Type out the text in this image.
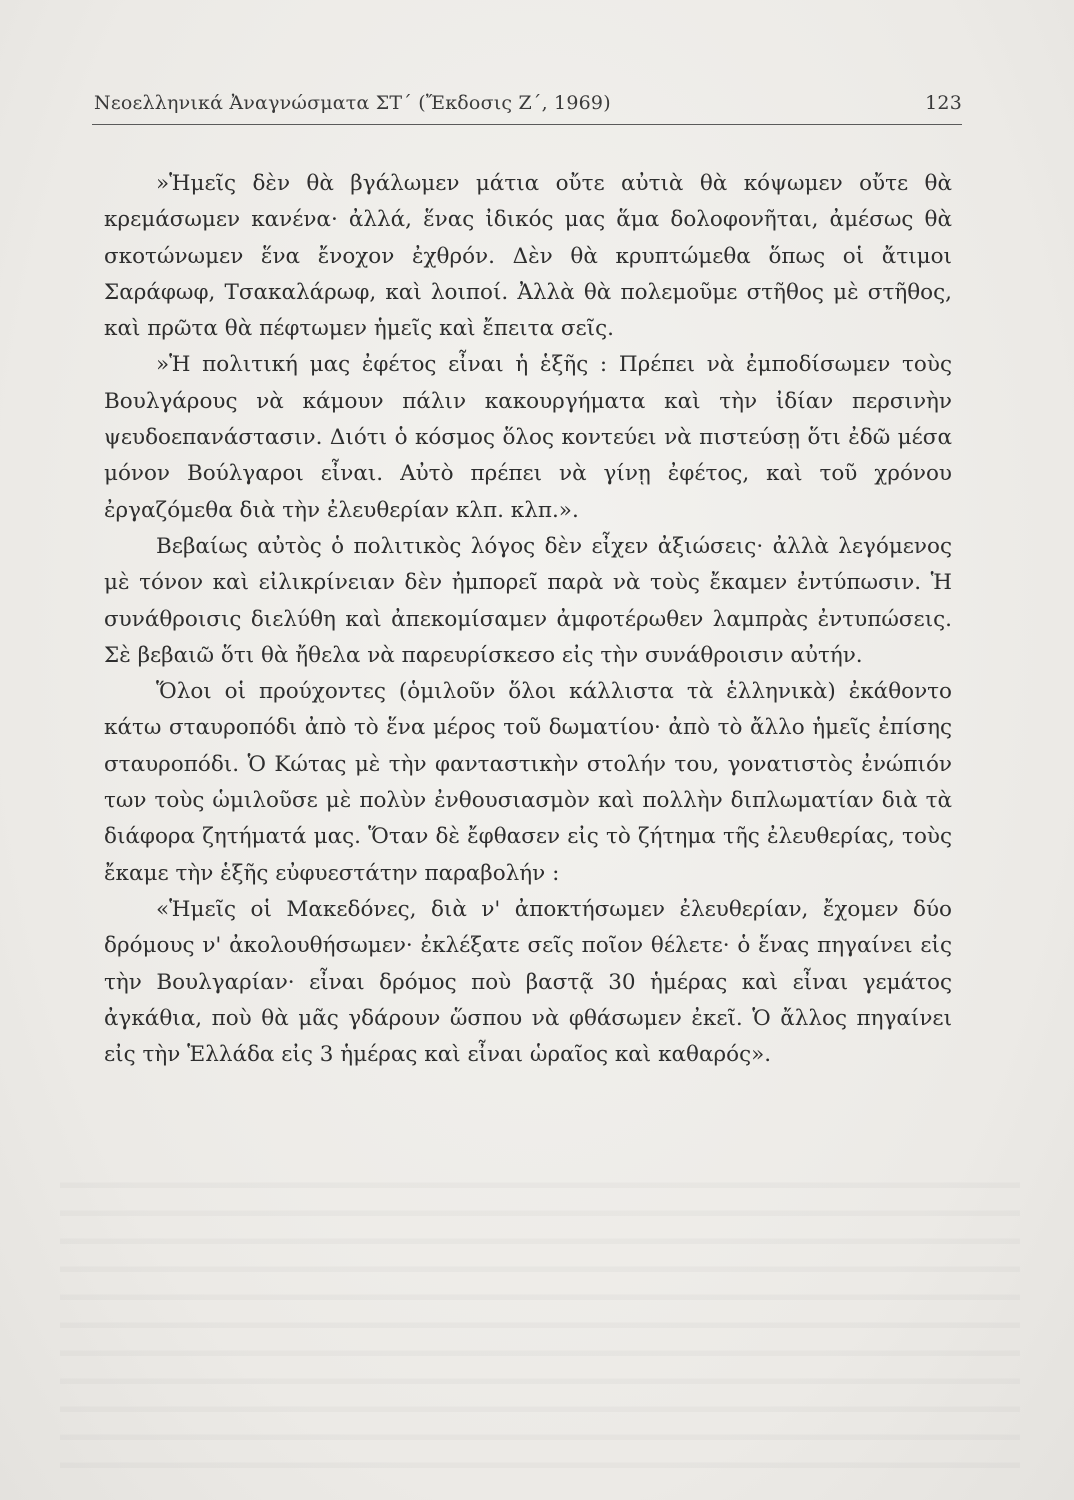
Νεοελληνικά Ἀναγνώσματα ΣΤ΄ (Ἔκδοσις Ζ΄, 1969)	123

»Ἡμεῖς δὲν θὰ βγάλωμεν μάτια οὔτε αὐτιὰ θὰ κόψωμεν οὔτε θὰ κρεμάσωμεν κανένα· ἀλλά, ἕνας ἰδικός μας ἅμα δολοφονῆται, ἀμέσως θὰ σκοτώνωμεν ἕνα ἔνοχον ἐχθρόν. Δὲν θὰ κρυπτώμεθα ὅπως οἱ ἄτιμοι Σαράφωφ, Τσακαλάρωφ, καὶ λοιποί. Ἀλλὰ θὰ πολεμοῦμε στῆθος μὲ στῆθος, καὶ πρῶτα θὰ πέφτωμεν ἡμεῖς καὶ ἔπειτα σεῖς.

»Ἡ πολιτική μας ἐφέτος εἶναι ἡ ἑξῆς : Πρέπει νὰ ἐμποδίσωμεν τοὺς Βουλγάρους νὰ κάμουν πάλιν κακουργήματα καὶ τὴν ἰδίαν περσινὴν ψευδοεπανάστασιν. Διότι ὁ κόσμος ὅλος κοντεύει νὰ πιστεύσῃ ὅτι ἐδῶ μέσα μόνον Βούλγαροι εἶναι. Αὐτὸ πρέπει νὰ γίνῃ ἐφέτος, καὶ τοῦ χρόνου ἐργαζόμεθα διὰ τὴν ἐλευθερίαν κλπ. κλπ.».

Βεβαίως αὐτὸς ὁ πολιτικὸς λόγος δὲν εἶχεν ἀξιώσεις· ἀλλὰ λεγόμενος μὲ τόνον καὶ εἰλικρίνειαν δὲν ἠμπορεῖ παρὰ νὰ τοὺς ἔκαμεν ἐντύπωσιν. Ἡ συνάθροισις διελύθη καὶ ἀπεκομίσαμεν ἀμφοτέρωθεν λαμπρὰς ἐντυπώσεις. Σὲ βεβαιῶ ὅτι θὰ ἤθελα νὰ παρευρίσκεσο εἰς τὴν συνάθροισιν αὐτήν.

Ὅλοι οἱ προύχοντες (ὁμιλοῦν ὅλοι κάλλιστα τὰ ἑλληνικὰ) ἐκάθοντο κάτω σταυροπόδι ἀπὸ τὸ ἕνα μέρος τοῦ δωματίου· ἀπὸ τὸ ἄλλο ἡμεῖς ἐπίσης σταυροπόδι. Ὁ Κώτας μὲ τὴν φανταστικὴν στολήν του, γονατιστὸς ἐνώπιόν των τοὺς ὡμιλοῦσε μὲ πολὺν ἐνθουσιασμὸν καὶ πολλὴν διπλωματίαν διὰ τὰ διάφορα ζητήματά μας. Ὅταν δὲ ἔφθασεν εἰς τὸ ζήτημα τῆς ἐλευθερίας, τοὺς ἔκαμε τὴν ἑξῆς εὐφυεστάτην παραβολήν :

«Ἡμεῖς οἱ Μακεδόνες, διὰ ν' ἀποκτήσωμεν ἐλευθερίαν, ἔχομεν δύο δρόμους ν' ἀκολουθήσωμεν· ἐκλέξατε σεῖς ποῖον θέλετε· ὁ ἕνας πηγαίνει εἰς τὴν Βουλγαρίαν· εἶναι δρόμος ποὺ βαστᾷ 30 ἡμέρας καὶ εἶναι γεμάτος ἀγκάθια, ποὺ θὰ μᾶς γδάρουν ὥσπου νὰ φθάσωμεν ἐκεῖ. Ὁ ἄλλος πηγαίνει εἰς τὴν Ἑλλάδα εἰς 3 ἡμέρας καὶ εἶναι ὡραῖος καὶ καθαρός».
